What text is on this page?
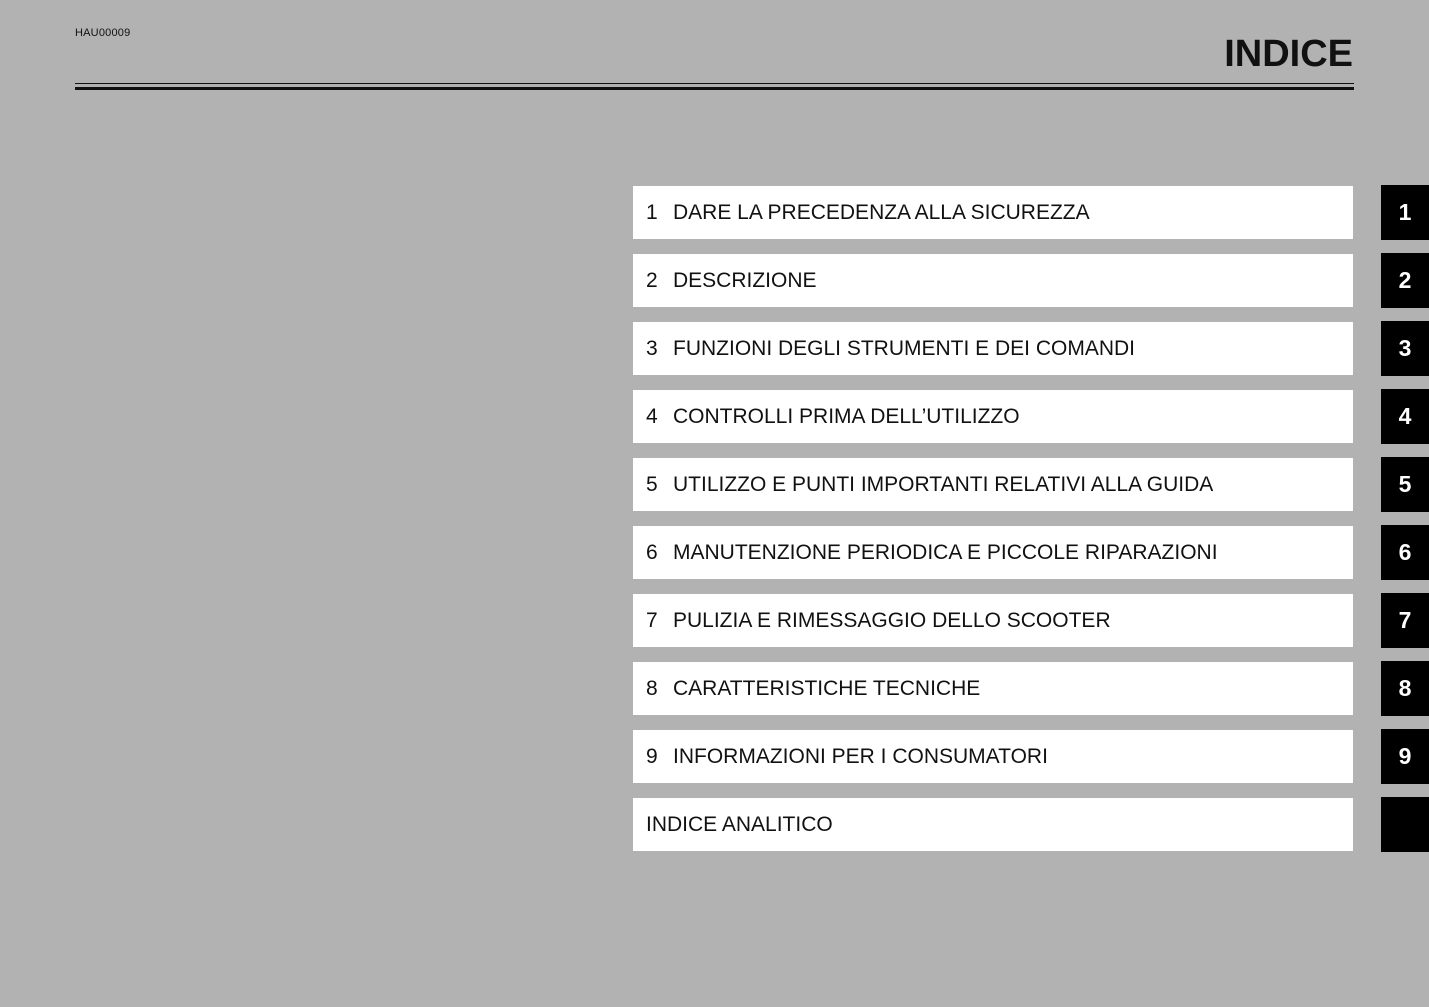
HAU00009	INDICE
1 DARE LA PRECEDENZA ALLA SICUREZZA
2 DESCRIZIONE
3 FUNZIONI DEGLI STRUMENTI E DEI COMANDI
4 CONTROLLI PRIMA DELL’UTILIZZO
5 UTILIZZO E PUNTI IMPORTANTI RELATIVI ALLA GUIDA
6 MANUTENZIONE PERIODICA E PICCOLE RIPARAZIONI
7 PULIZIA E RIMESSAGGIO DELLO SCOOTER
8 CARATTERISTICHE TECNICHE
9 INFORMAZIONI PER I CONSUMATORI
INDICE ANALITICO
1
2
3
4
5
6
7
8
9
